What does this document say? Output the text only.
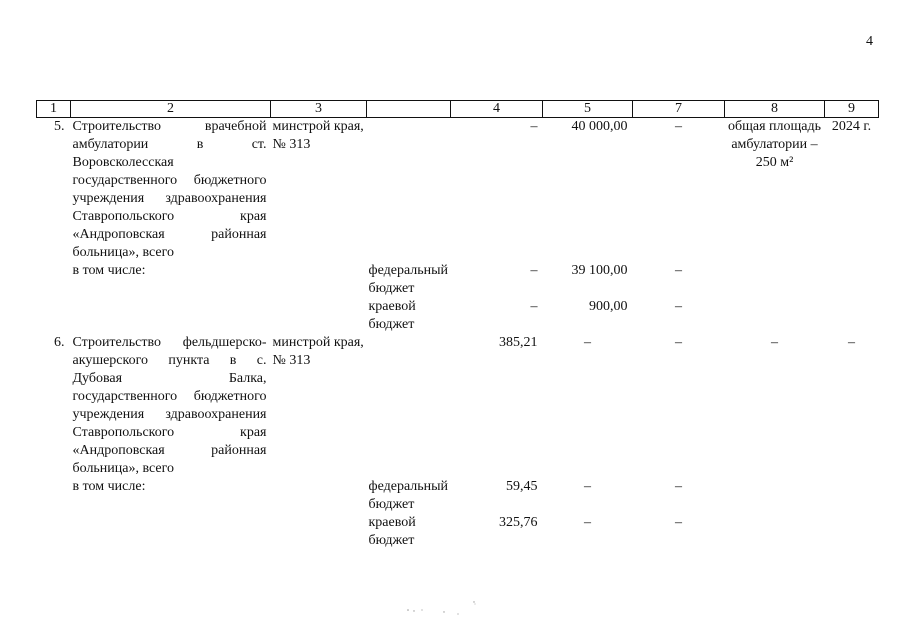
4
1	2	3		4	5	7	8	9
5.	Строительство врачебной амбулатории в ст. Воровсколесская государственного бюджетного учреждения здравоохранения Ставропольского края «Андроповская районная больница», всего	минстрой края, № 313		–	40 000,00	–	общая площадь амбулатории – 250 м²	2024 г.
	в том числе:		федеральный бюджет	–	39 100,00	–		
			краевой бюджет	–	900,00	–		
6.	Строительство фельдшерско-акушерского пункта в с. Дубовая Балка, государственного бюджетного учреждения здравоохранения Ставропольского края «Андроповская районная больница», всего	минстрой края, № 313		385,21	–	–	–	–
	в том числе:		федеральный бюджет	59,45	–	–		
			краевой бюджет	325,76	–	–		
